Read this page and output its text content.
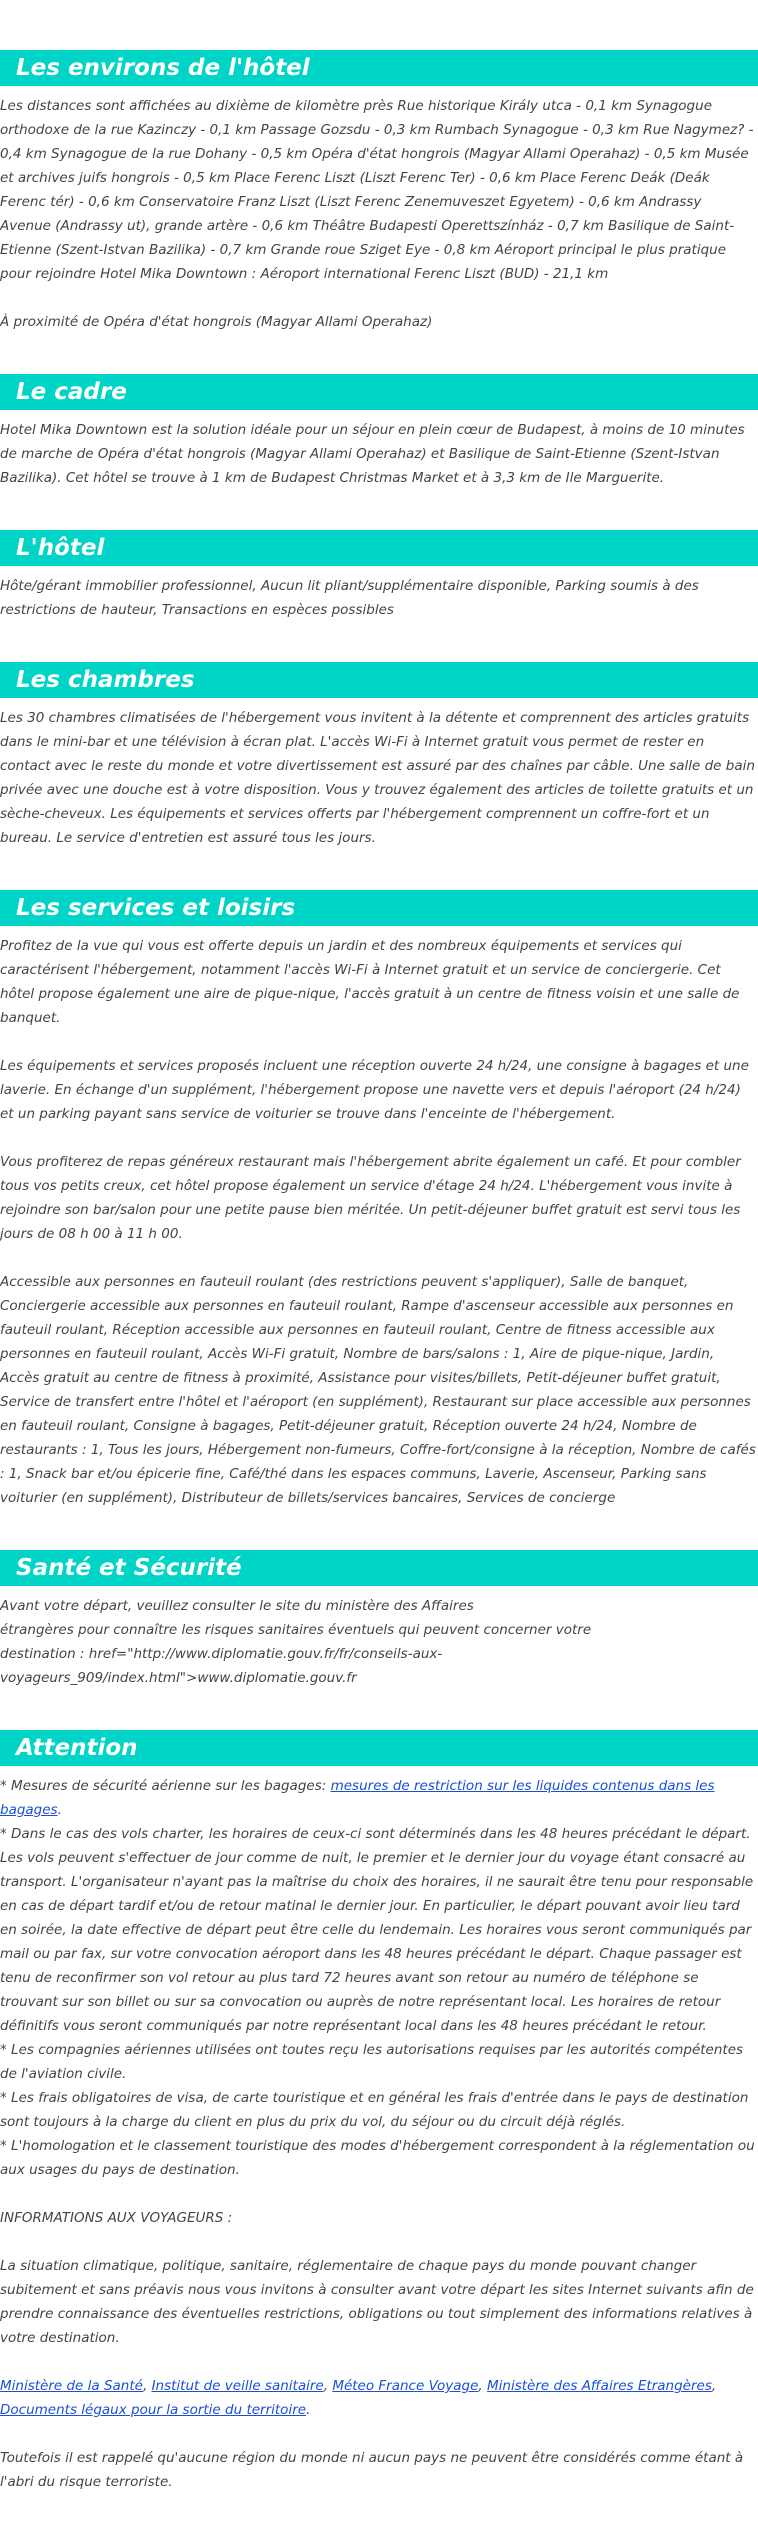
Les environs de l'hôtel

Les distances sont affichées au dixième de kilomètre près Rue historique Király utca - 0,1 km Synagogue orthodoxe de la rue Kazinczy - 0,1 km Passage Gozsdu - 0,3 km Rumbach Synagogue - 0,3 km Rue Nagymez? - 0,4 km Synagogue de la rue Dohany - 0,5 km Opéra d'état hongrois (Magyar Allami Operahaz) - 0,5 km Musée et archives juifs hongrois - 0,5 km Place Ferenc Liszt (Liszt Ferenc Ter) - 0,6 km Place Ferenc Deák (Deák Ferenc tér) - 0,6 km Conservatoire Franz Liszt (Liszt Ferenc Zenemuveszet Egyetem) - 0,6 km Andrassy Avenue (Andrassy ut), grande artère - 0,6 km Théâtre Budapesti Operettszínház - 0,7 km Basilique de Saint-Etienne (Szent-Istvan Bazilika) - 0,7 km Grande roue Sziget Eye - 0,8 km Aéroport principal le plus pratique pour rejoindre Hotel Mika Downtown : Aéroport international Ferenc Liszt (BUD) - 21,1 km

À proximité de Opéra d'état hongrois (Magyar Allami Operahaz)

Le cadre

Hotel Mika Downtown est la solution idéale pour un séjour en plein cœur de Budapest, à moins de 10 minutes de marche de Opéra d'état hongrois (Magyar Allami Operahaz) et Basilique de Saint-Etienne (Szent-Istvan Bazilika). Cet hôtel se trouve à 1 km de Budapest Christmas Market et à 3,3 km de Ile Marguerite.

L'hôtel

Hôte/gérant immobilier professionnel, Aucun lit pliant/supplémentaire disponible, Parking soumis à des restrictions de hauteur, Transactions en espèces possibles

Les chambres

Les 30 chambres climatisées de l'hébergement vous invitent à la détente et comprennent des articles gratuits dans le mini-bar et une télévision à écran plat. L'accès Wi-Fi à Internet gratuit vous permet de rester en contact avec le reste du monde et votre divertissement est assuré par des chaînes par câble. Une salle de bain privée avec une douche est à votre disposition. Vous y trouvez également des articles de toilette gratuits et un sèche-cheveux. Les équipements et services offerts par l'hébergement comprennent un coffre-fort et un bureau. Le service d'entretien est assuré tous les jours.

Les services et loisirs

Profitez de la vue qui vous est offerte depuis un jardin et des nombreux équipements et services qui caractérisent l'hébergement, notamment l'accès Wi-Fi à Internet gratuit et un service de conciergerie. Cet hôtel propose également une aire de pique-nique, l'accès gratuit à un centre de fitness voisin et une salle de banquet.

Les équipements et services proposés incluent une réception ouverte 24 h/24, une consigne à bagages et une laverie. En échange d'un supplément, l'hébergement propose une navette vers et depuis l'aéroport (24 h/24) et un parking payant sans service de voiturier se trouve dans l'enceinte de l'hébergement.

Vous profiterez de repas généreux restaurant mais l'hébergement abrite également un café. Et pour combler tous vos petits creux, cet hôtel propose également un service d'étage 24 h/24. L'hébergement vous invite à rejoindre son bar/salon pour une petite pause bien méritée. Un petit-déjeuner buffet gratuit est servi tous les jours de 08 h 00 à 11 h 00.

Accessible aux personnes en fauteuil roulant (des restrictions peuvent s'appliquer), Salle de banquet, Conciergerie accessible aux personnes en fauteuil roulant, Rampe d'ascenseur accessible aux personnes en fauteuil roulant, Réception accessible aux personnes en fauteuil roulant, Centre de fitness accessible aux personnes en fauteuil roulant, Accès Wi-Fi gratuit, Nombre de bars/salons : 1, Aire de pique-nique, Jardin, Accès gratuit au centre de fitness à proximité, Assistance pour visites/billets, Petit-déjeuner buffet gratuit, Service de transfert entre l'hôtel et l'aéroport (en supplément), Restaurant sur place accessible aux personnes en fauteuil roulant, Consigne à bagages, Petit-déjeuner gratuit, Réception ouverte 24 h/24, Nombre de restaurants : 1, Tous les jours, Hébergement non-fumeurs, Coffre-fort/consigne à la réception, Nombre de cafés : 1, Snack bar et/ou épicerie fine, Café/thé dans les espaces communs, Laverie, Ascenseur, Parking sans voiturier (en supplément), Distributeur de billets/services bancaires, Services de concierge

Santé et Sécurité
Avant votre départ, veuillez consulter le site du ministère des Affaires
étrangères pour connaître les risques sanitaires éventuels qui peuvent concerner votre
destination : href="http://www.diplomatie.gouv.fr/fr/conseils-aux-voyageurs_909/index.html">www.diplomatie.gouv.fr
Attention
* Mesures de sécurité aérienne sur les bagages: mesures de restriction sur les liquides contenus dans les bagages.
* Dans le cas des vols charter, les horaires de ceux-ci sont déterminés dans les 48 heures précédant le départ. Les vols peuvent s'effectuer de jour comme de nuit, le premier et le dernier jour du voyage étant consacré au transport. L'organisateur n'ayant pas la maîtrise du choix des horaires, il ne saurait être tenu pour responsable en cas de départ tardif et/ou de retour matinal le dernier jour. En particulier, le départ pouvant avoir lieu tard en soirée, la date effective de départ peut être celle du lendemain. Les horaires vous seront communiqués par mail ou par fax, sur votre convocation aéroport dans les 48 heures précédant le départ. Chaque passager est tenu de reconfirmer son vol retour au plus tard 72 heures avant son retour au numéro de téléphone se trouvant sur son billet ou sur sa convocation ou auprès de notre représentant local. Les horaires de retour définitifs vous seront communiqués par notre représentant local dans les 48 heures précédant le retour.
* Les compagnies aériennes utilisées ont toutes reçu les autorisations requises par les autorités compétentes de l'aviation civile.
* Les frais obligatoires de visa, de carte touristique et en général les frais d'entrée dans le pays de destination sont toujours à la charge du client en plus du prix du vol, du séjour ou du circuit déjà réglés.
* L'homologation et le classement touristique des modes d'hébergement correspondent à la réglementation ou aux usages du pays de destination.

INFORMATIONS AUX VOYAGEURS :

La situation climatique, politique, sanitaire, réglementaire de chaque pays du monde pouvant changer subitement et sans préavis nous vous invitons à consulter avant votre départ les sites Internet suivants afin de prendre connaissance des éventuelles restrictions, obligations ou tout simplement des informations relatives à votre destination.

Ministère de la Santé, Institut de veille sanitaire, Méteo France Voyage, Ministère des Affaires Etrangères, Documents légaux pour la sortie du territoire.

Toutefois il est rappelé qu'aucune région du monde ni aucun pays ne peuvent être considérés comme étant à l'abri du risque terroriste.
